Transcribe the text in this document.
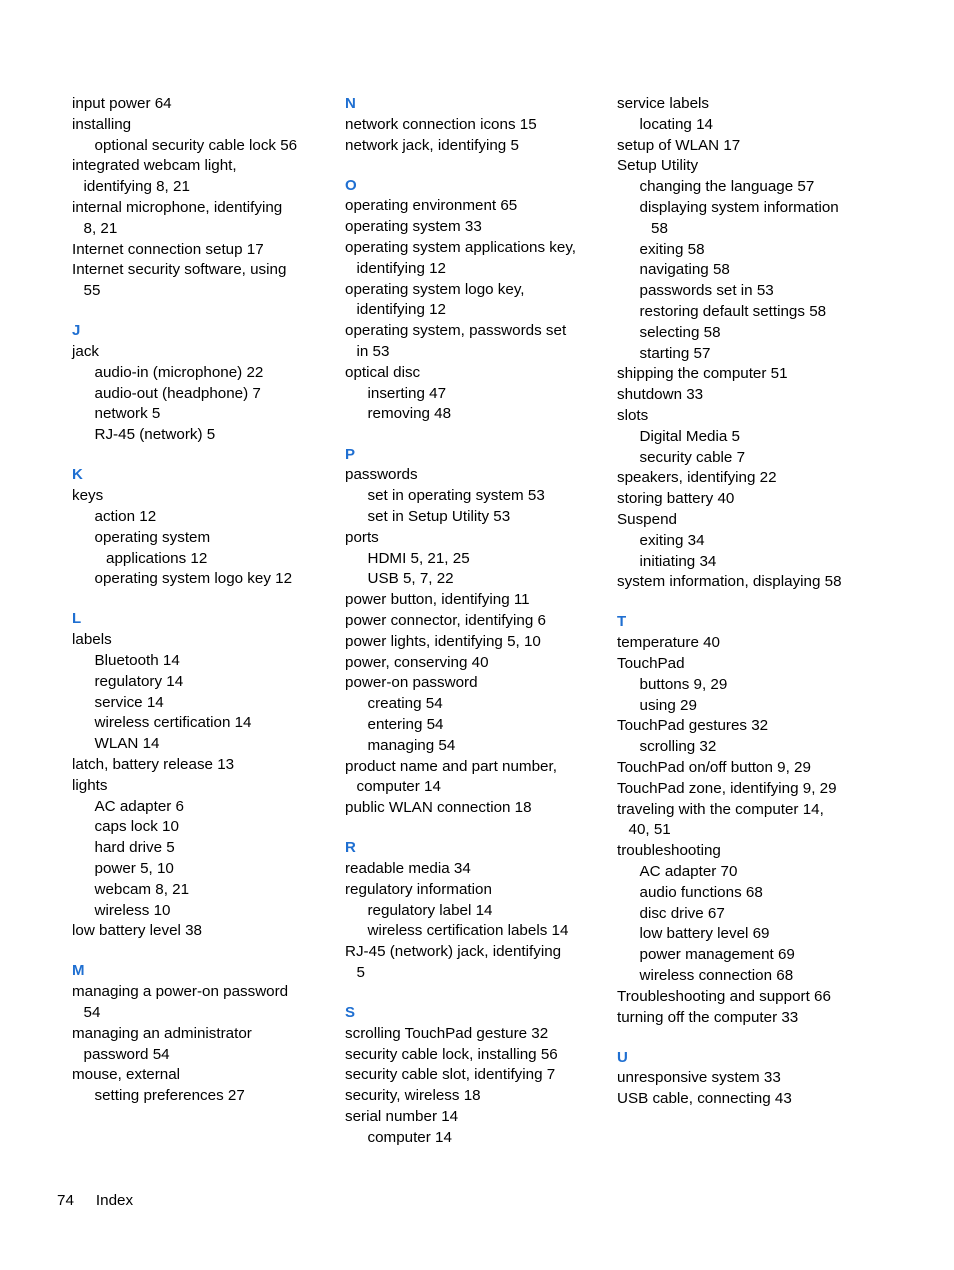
input power 64
installing
optional security cable lock 56
integrated webcam light,
identifying 8, 21
internal microphone, identifying
8, 21
Internet connection setup 17
Internet security software, using
55
J
jack
audio-in (microphone) 22
audio-out (headphone) 7
network 5
RJ-45 (network) 5
K
keys
action 12
operating system
applications 12
operating system logo key 12
L
labels
Bluetooth 14
regulatory 14
service 14
wireless certification 14
WLAN 14
latch, battery release 13
lights
AC adapter 6
caps lock 10
hard drive 5
power 5, 10
webcam 8, 21
wireless 10
low battery level 38
M
managing a power-on password
54
managing an administrator
password 54
mouse, external
setting preferences 27
N
network connection icons 15
network jack, identifying 5
O
operating environment 65
operating system 33
operating system applications key,
identifying 12
operating system logo key,
identifying 12
operating system, passwords set
in 53
optical disc
inserting 47
removing 48
P
passwords
set in operating system 53
set in Setup Utility 53
ports
HDMI 5, 21, 25
USB 5, 7, 22
power button, identifying 11
power connector, identifying 6
power lights, identifying 5, 10
power, conserving 40
power-on password
creating 54
entering 54
managing 54
product name and part number,
computer 14
public WLAN connection 18
R
readable media 34
regulatory information
regulatory label 14
wireless certification labels 14
RJ-45 (network) jack, identifying
5
S
scrolling TouchPad gesture 32
security cable lock, installing 56
security cable slot, identifying 7
security, wireless 18
serial number 14
computer 14
service labels
locating 14
setup of WLAN 17
Setup Utility
changing the language 57
displaying system information
58
exiting 58
navigating 58
passwords set in 53
restoring default settings 58
selecting 58
starting 57
shipping the computer 51
shutdown 33
slots
Digital Media 5
security cable 7
speakers, identifying 22
storing battery 40
Suspend
exiting 34
initiating 34
system information, displaying 58
T
temperature 40
TouchPad
buttons 9, 29
using 29
TouchPad gestures 32
scrolling 32
TouchPad on/off button 9, 29
TouchPad zone, identifying 9, 29
traveling with the computer 14,
40, 51
troubleshooting
AC adapter 70
audio functions 68
disc drive 67
low battery level 69
power management 69
wireless connection 68
Troubleshooting and support 66
turning off the computer 33
U
unresponsive system 33
USB cable, connecting 43
74 Index
